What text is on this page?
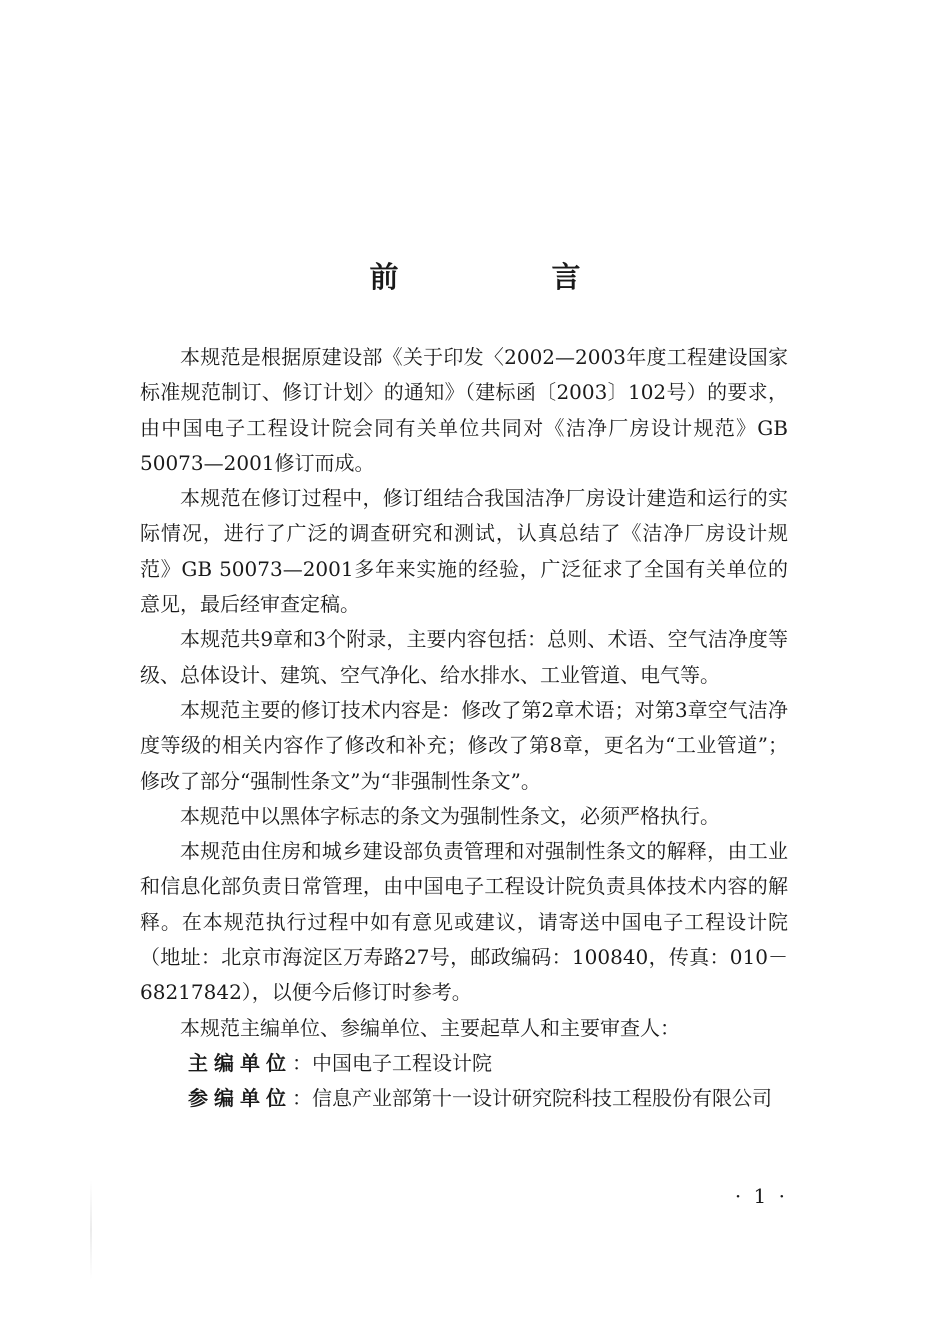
前　言

本规范是根据原建设部《关于印发〈2002—2003年度工程建设国家标准规范制订、修订计划〉的通知》（建标函〔2003〕102号）的要求，由中国电子工程设计院会同有关单位共同对《洁净厂房设计规范》GB 50073—2001修订而成。

本规范在修订过程中，修订组结合我国洁净厂房设计建造和运行的实际情况，进行了广泛的调查研究和测试，认真总结了《洁净厂房设计规范》GB 50073—2001多年来实施的经验，广泛征求了全国有关单位的意见，最后经审查定稿。

本规范共9章和3个附录，主要内容包括：总则、术语、空气洁净度等级、总体设计、建筑、空气净化、给水排水、工业管道、电气等。

本规范主要的修订技术内容是：修改了第2章术语；对第3章空气洁净度等级的相关内容作了修改和补充；修改了第8章，更名为“工业管道”；修改了部分“强制性条文”为“非强制性条文”。

本规范中以黑体字标志的条文为强制性条文，必须严格执行。

本规范由住房和城乡建设部负责管理和对强制性条文的解释，由工业和信息化部负责日常管理，由中国电子工程设计院负责具体技术内容的解释。在本规范执行过程中如有意见或建议，请寄送中国电子工程设计院（地址：北京市海淀区万寿路27号，邮政编码：100840，传真：010－68217842），以便今后修订时参考。

本规范主编单位、参编单位、主要起草人和主要审查人：

主编单位 ： 中国电子工程设计院
参编单位 ： 信息产业部第十一设计研究院科技工程股份有限公司
· 1 ·
